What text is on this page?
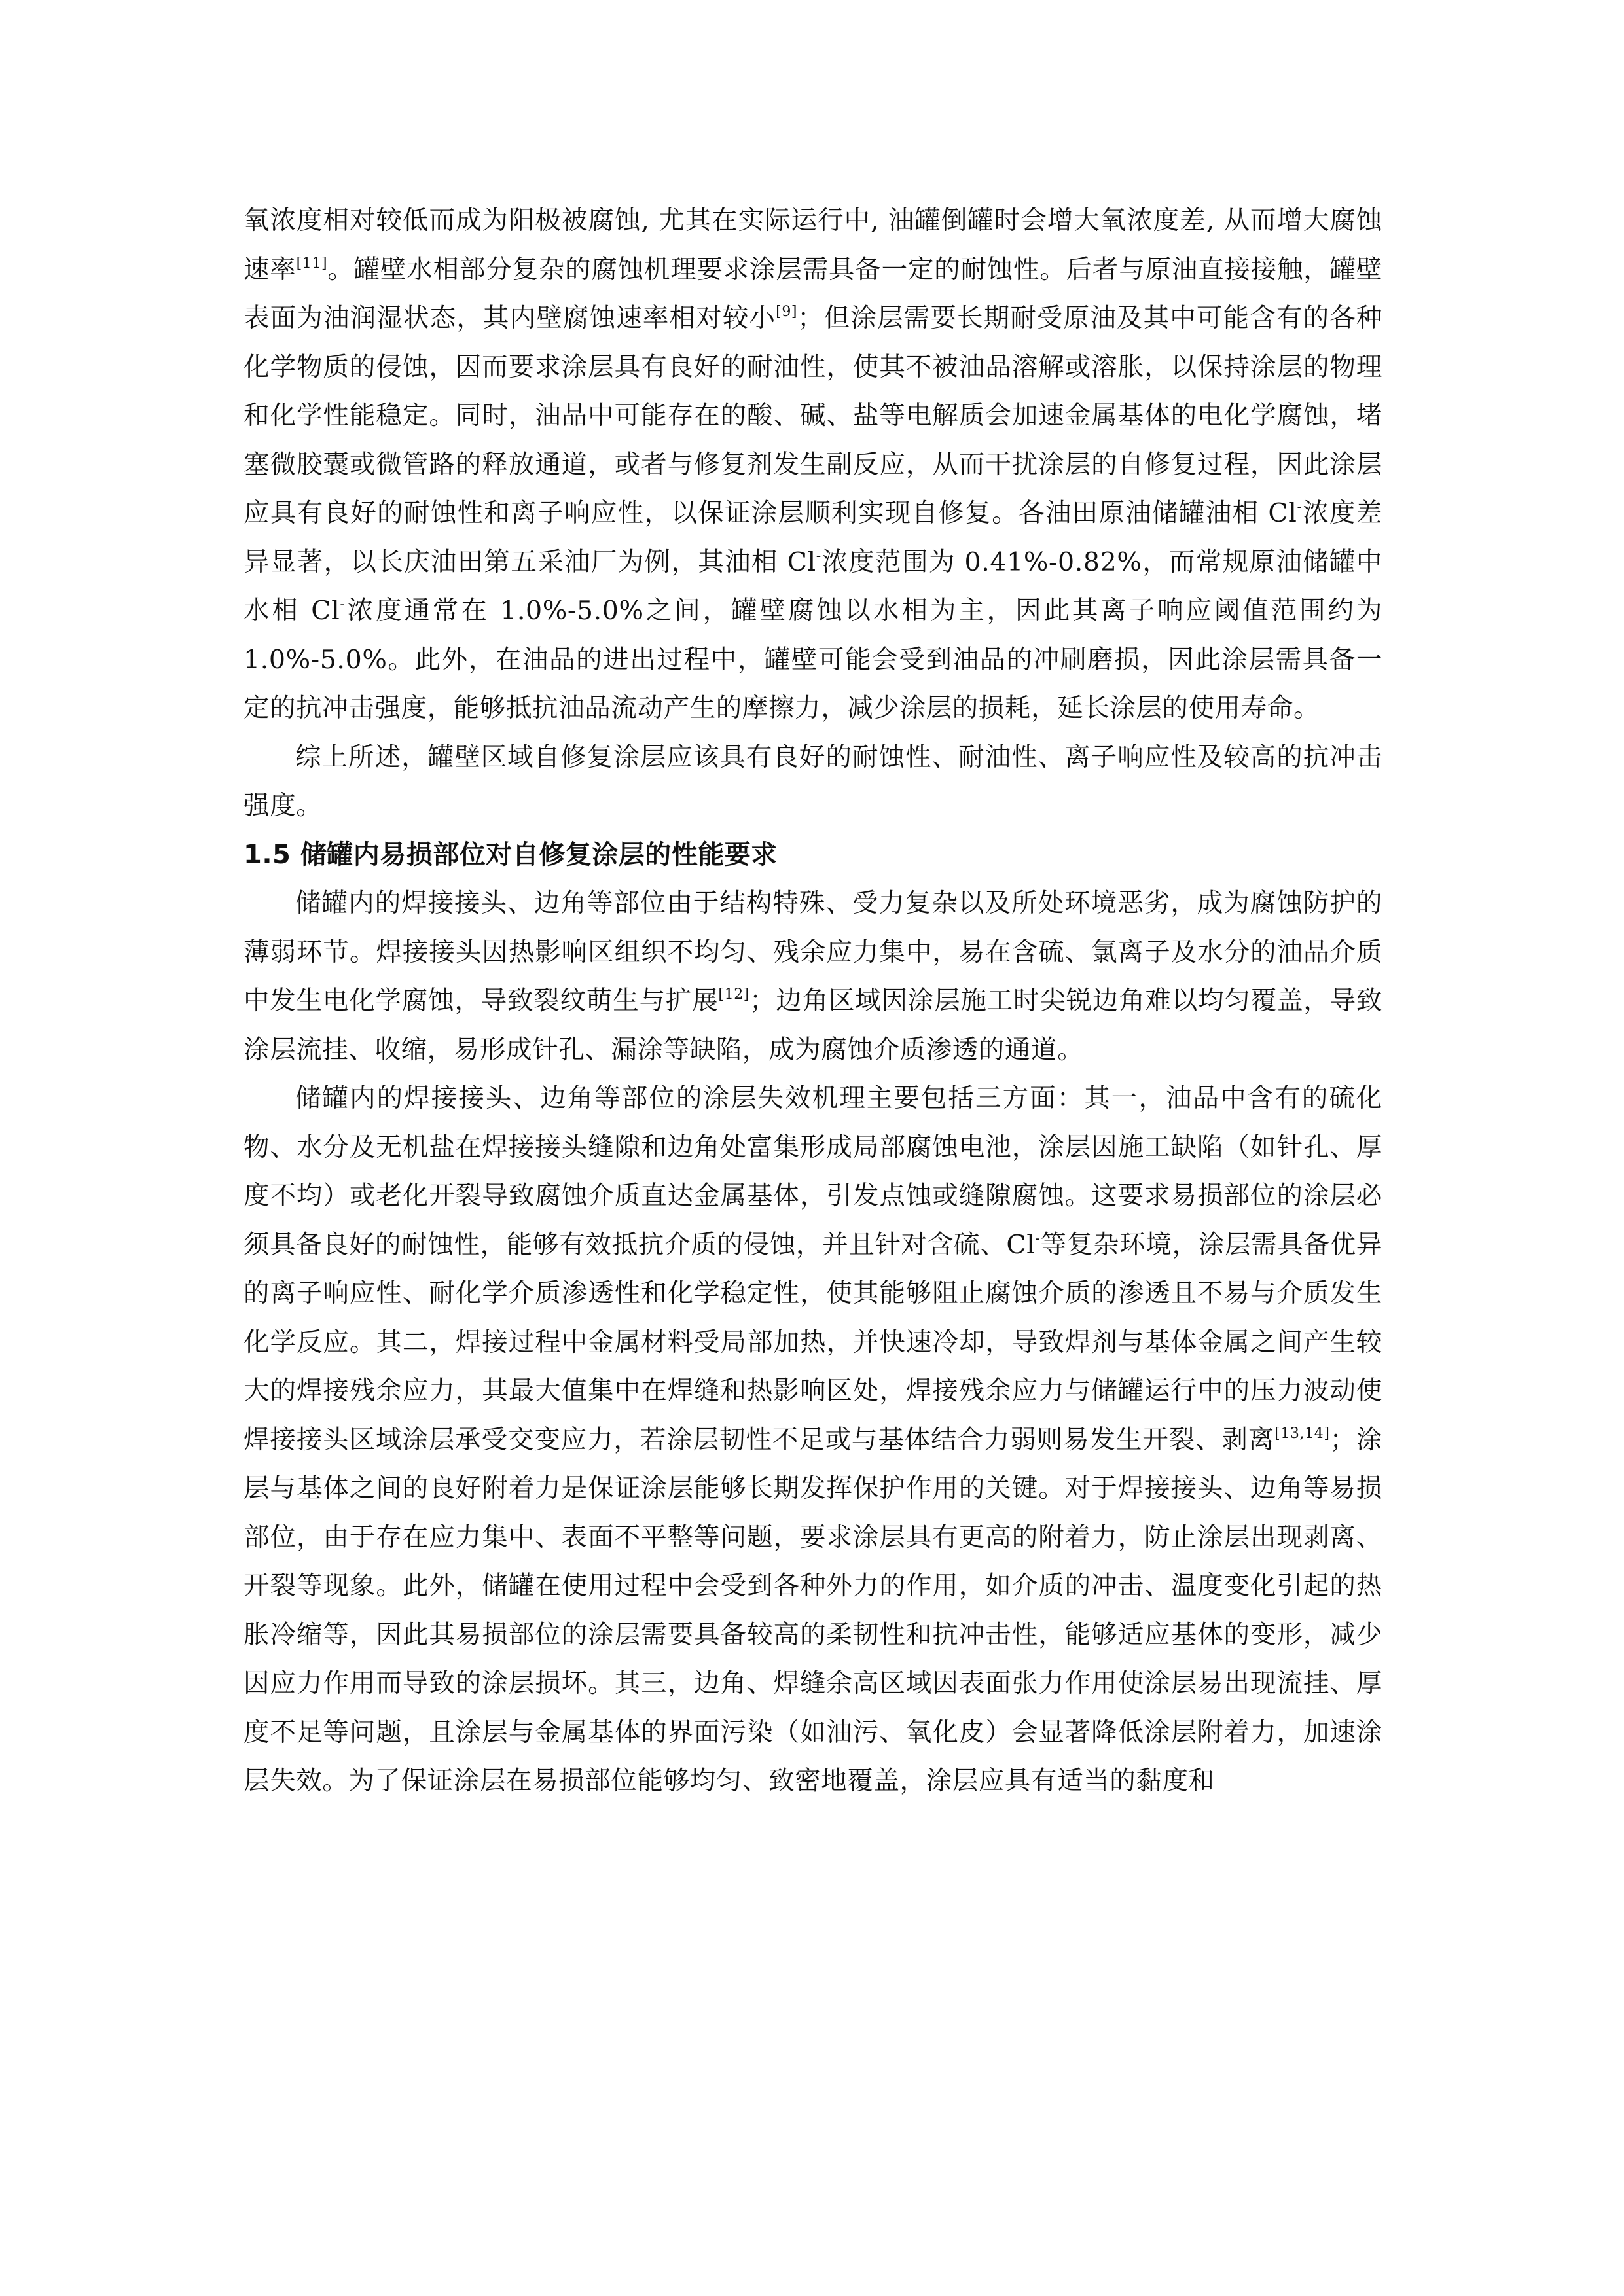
氧浓度相对较低而成为阳极被腐蚀, 尤其在实际运行中, 油罐倒罐时会增大氧浓度差, 从而增大腐蚀速率[11]。罐壁水相部分复杂的腐蚀机理要求涂层需具备一定的耐蚀性。后者与原油直接接触，罐壁表面为油润湿状态，其内壁腐蚀速率相对较小[9]；但涂层需要长期耐受原油及其中可能含有的各种化学物质的侵蚀，因而要求涂层具有良好的耐油性，使其不被油品溶解或溶胀，以保持涂层的物理和化学性能稳定。同时，油品中可能存在的酸、碱、盐等电解质会加速金属基体的电化学腐蚀，堵塞微胶囊或微管路的释放通道，或者与修复剂发生副反应，从而干扰涂层的自修复过程，因此涂层应具有良好的耐蚀性和离子响应性，以保证涂层顺利实现自修复。各油田原油储罐油相 Cl-浓度差异显著，以长庆油田第五采油厂为例，其油相 Cl-浓度范围为 0.41%-0.82%，而常规原油储罐中水相 Cl-浓度通常在 1.0%-5.0%之间，罐壁腐蚀以水相为主，因此其离子响应阈值范围约为 1.0%-5.0%。此外，在油品的进出过程中，罐壁可能会受到油品的冲刷磨损，因此涂层需具备一定的抗冲击强度，能够抵抗油品流动产生的摩擦力，减少涂层的损耗，延长涂层的使用寿命。

综上所述，罐壁区域自修复涂层应该具有良好的耐蚀性、耐油性、离子响应性及较高的抗冲击强度。

1.5 储罐内易损部位对自修复涂层的性能要求

储罐内的焊接接头、边角等部位由于结构特殊、受力复杂以及所处环境恶劣，成为腐蚀防护的薄弱环节。焊接接头因热影响区组织不均匀、残余应力集中，易在含硫、氯离子及水分的油品介质中发生电化学腐蚀，导致裂纹萌生与扩展[12]；边角区域因涂层施工时尖锐边角难以均匀覆盖，导致涂层流挂、收缩，易形成针孔、漏涂等缺陷，成为腐蚀介质渗透的通道。

储罐内的焊接接头、边角等部位的涂层失效机理主要包括三方面：其一，油品中含有的硫化物、水分及无机盐在焊接接头缝隙和边角处富集形成局部腐蚀电池，涂层因施工缺陷（如针孔、厚度不均）或老化开裂导致腐蚀介质直达金属基体，引发点蚀或缝隙腐蚀。这要求易损部位的涂层必须具备良好的耐蚀性，能够有效抵抗介质的侵蚀，并且针对含硫、Cl-等复杂环境，涂层需具备优异的离子响应性、耐化学介质渗透性和化学稳定性，使其能够阻止腐蚀介质的渗透且不易与介质发生化学反应。其二，焊接过程中金属材料受局部加热，并快速冷却，导致焊剂与基体金属之间产生较大的焊接残余应力，其最大值集中在焊缝和热影响区处，焊接残余应力与储罐运行中的压力波动使焊接接头区域涂层承受交变应力，若涂层韧性不足或与基体结合力弱则易发生开裂、剥离[13,14]；涂层与基体之间的良好附着力是保证涂层能够长期发挥保护作用的关键。对于焊接接头、边角等易损部位，由于存在应力集中、表面不平整等问题，要求涂层具有更高的附着力，防止涂层出现剥离、开裂等现象。此外，储罐在使用过程中会受到各种外力的作用，如介质的冲击、温度变化引起的热胀冷缩等，因此其易损部位的涂层需要具备较高的柔韧性和抗冲击性，能够适应基体的变形，减少因应力作用而导致的涂层损坏。其三，边角、焊缝余高区域因表面张力作用使涂层易出现流挂、厚度不足等问题，且涂层与金属基体的界面污染（如油污、氧化皮）会显著降低涂层附着力，加速涂层失效。为了保证涂层在易损部位能够均匀、致密地覆盖，涂层应具有适当的黏度和
